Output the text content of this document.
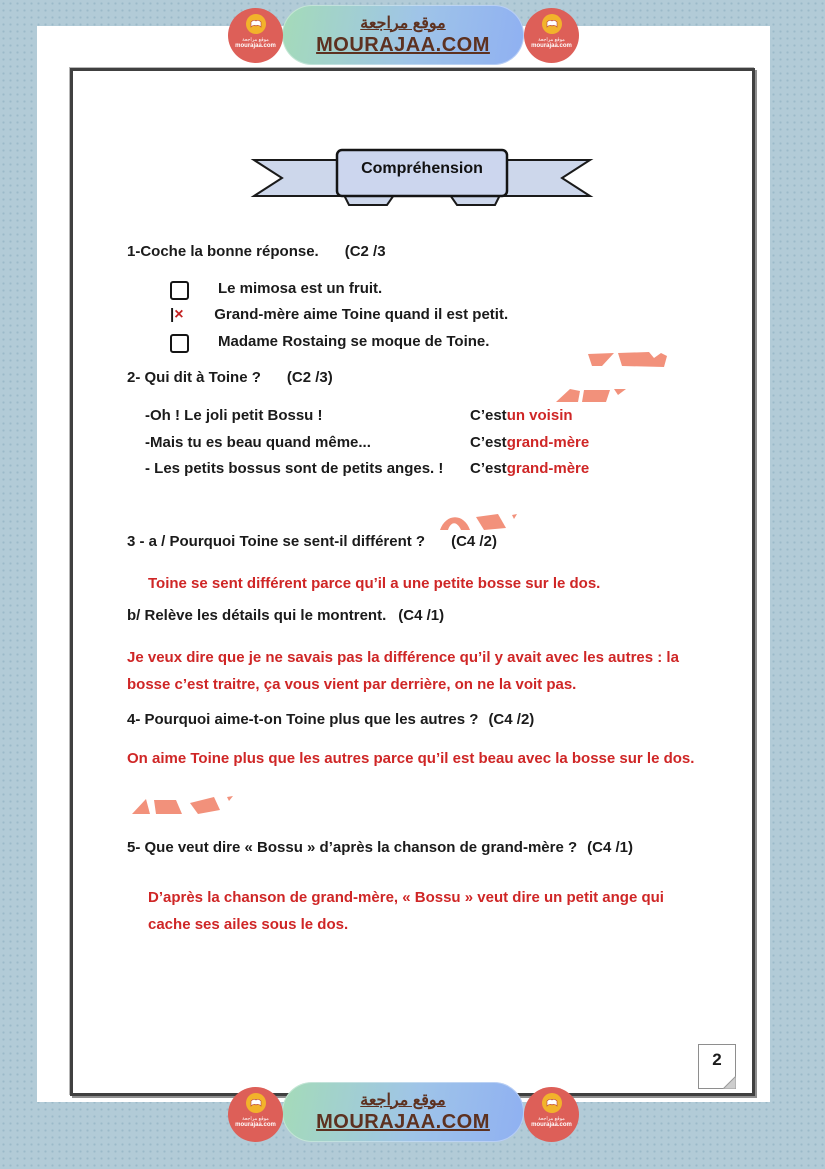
موقع مراجعة
MOURAJAA.COM
موقع مراجعة
mourajaa.com
موقع مراجعة
mourajaa.com
Compréhension
1-Coche la bonne réponse. (C2 /3
Le mimosa est un fruit.
|×	Grand-mère aime Toine quand il est petit.
Madame Rostaing se moque de Toine.
2- Qui dit à Toine ? (C2 /3)
-Oh ! Le joli petit Bossu !	C’est un voisin
-Mais tu es beau quand même...	C’est grand-mère
- Les petits bossus sont de petits anges. !	C’est grand-mère
3 - a / Pourquoi Toine se sent-il différent ? (C4 /2)
Toine se sent différent parce qu’il a une petite bosse sur le dos.
b/ Relève les détails qui le montrent. (C4 /1)
Je veux dire que je ne savais pas la différence qu’il y avait avec les autres : la bosse c’est traitre, ça vous vient par derrière, on ne la voit pas.
4- Pourquoi aime-t-on Toine plus que les autres ? (C4 /2)
On aime Toine plus que les autres parce qu’il est beau avec la bosse sur le dos.
5- Que veut dire « Bossu » d’après la chanson de grand-mère ? (C4 /1)
D’après la chanson de grand-mère, « Bossu » veut dire un petit ange qui cache ses ailes sous le dos.
2
موقع مراجعة
MOURAJAA.COM
موقع مراجعة
mourajaa.com
موقع مراجعة
mourajaa.com
